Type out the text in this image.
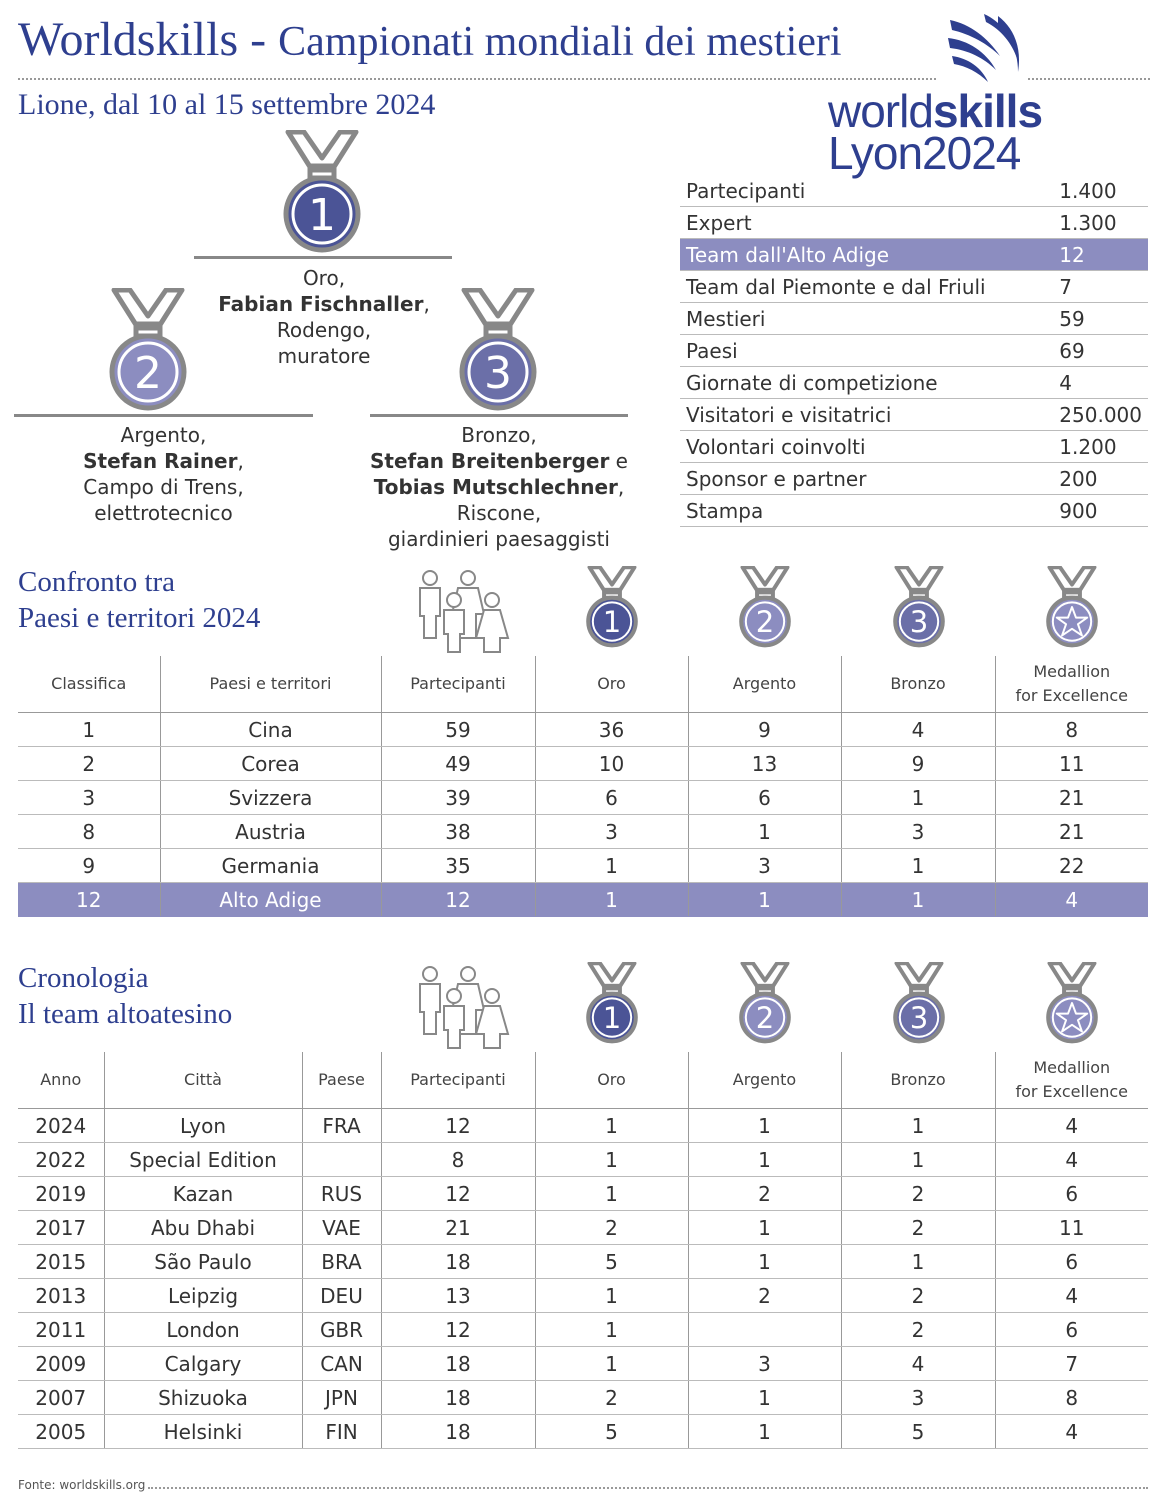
Worldskills - Campionati mondiali dei mestieri
Lione, dal 10 al 15 settembre 2024	worldskills
Lyon2024
1
Oro,
Fabian Fischnaller,
Rodengo,
muratore
2
Argento,
Stefan Rainer,
Campo di Trens,
elettrotecnico
3
Bronzo,
Stefan Breitenberger e
Tobias Mutschlechner, Riscone,
giardinieri paesaggisti
Partecipanti	1.400
Expert	1.300
Team dall'Alto Adige	12
Team dal Piemonte e dal Friuli	7
Mestieri	59
Paesi	69
Giornate di competizione	4
Visitatori e visitatrici	250.000
Volontari coinvolti	1.200
Sponsor e partner	200
Stampa	900
Confronto tra
Paesi e territori 2024	1	2	3
Classifica	Paesi e territori	Partecipanti	Oro	Argento	Bronzo	Medallion
for Excellence
1	Cina	59	36	9	4	8
2	Corea	49	10	13	9	11
3	Svizzera	39	6	6	1	21
8	Austria	38	3	1	3	21
9	Germania	35	1	3	1	22
12	Alto Adige	12	1	1	1	4
Cronologia
Il team altoatesino	1	2	3
Anno	Città	Paese	Partecipanti	Oro	Argento	Bronzo	Medallion
for Excellence
2024	Lyon	FRA	12	1	1	1	4
2022	Special Edition		8	1	1	1	4
2019	Kazan	RUS	12	1	2	2	6
2017	Abu Dhabi	VAE	21	2	1	2	11
2015	São Paulo	BRA	18	5	1	1	6
2013	Leipzig	DEU	13	1	2	2	4
2011	London	GBR	12	1		2	6
2009	Calgary	CAN	18	1	3	4	7
2007	Shizuoka	JPN	18	2	1	3	8
2005	Helsinki	FIN	18	5	1	5	4
Fonte: worldskills.org
